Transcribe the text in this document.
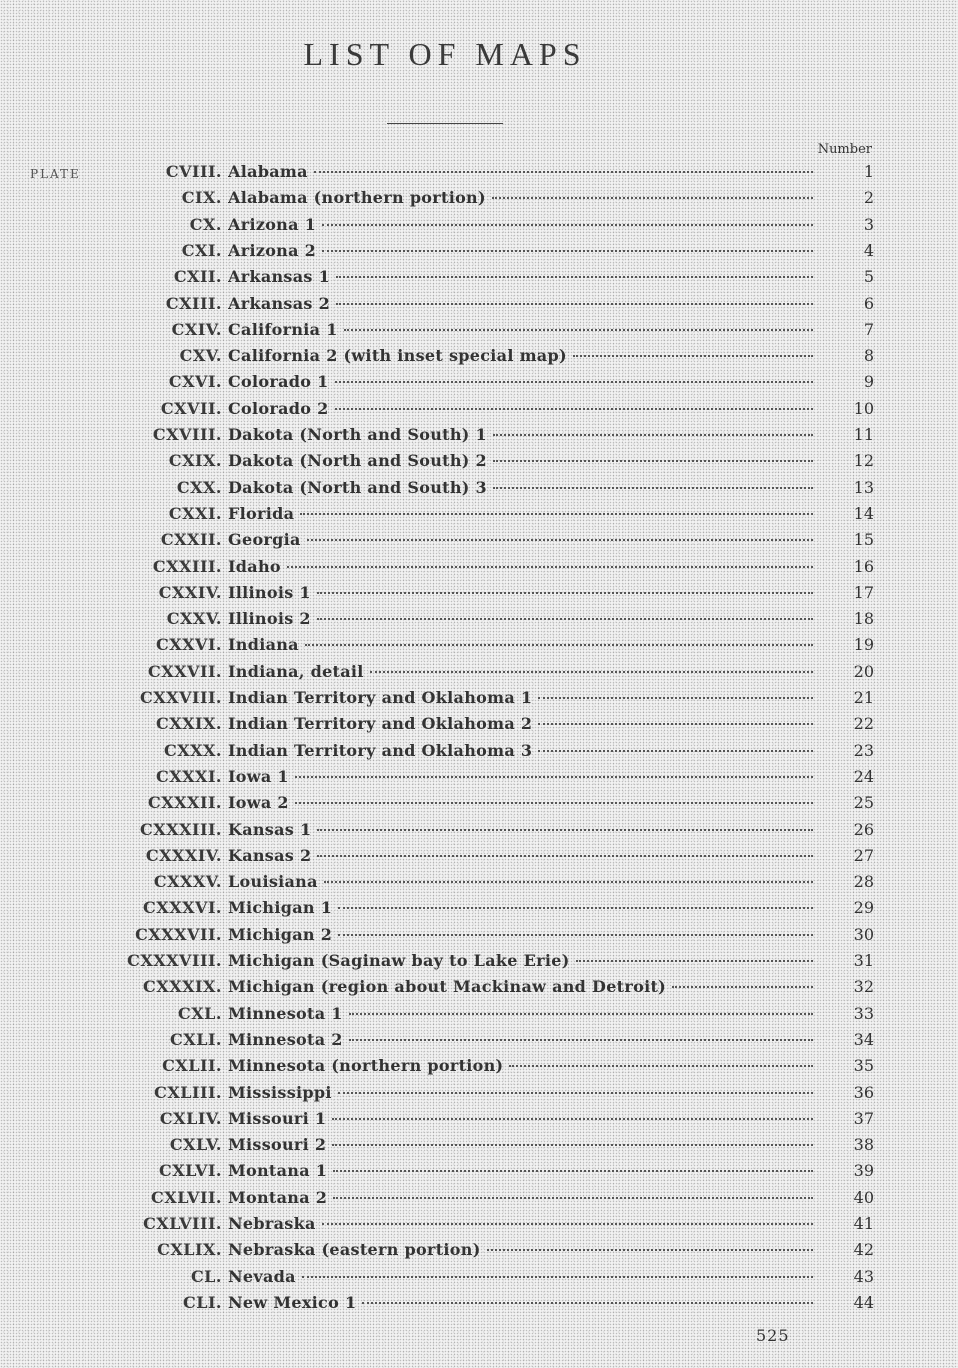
LIST OF MAPS
Number
PLATE	CVIII. Alabama	1
CIX. Alabama (northern portion)	2
CX. Arizona 1	3
CXI. Arizona 2	4
CXII. Arkansas 1	5
CXIII. Arkansas 2	6
CXIV. California 1	7
CXV. California 2 (with inset special map)	8
CXVI. Colorado 1	9
CXVII. Colorado 2	10
CXVIII. Dakota (North and South) 1	11
CXIX. Dakota (North and South) 2	12
CXX. Dakota (North and South) 3	13
CXXI. Florida	14
CXXII. Georgia	15
CXXIII. Idaho	16
CXXIV. Illinois 1	17
CXXV. Illinois 2	18
CXXVI. Indiana	19
CXXVII. Indiana, detail	20
CXXVIII. Indian Territory and Oklahoma 1	21
CXXIX. Indian Territory and Oklahoma 2	22
CXXX. Indian Territory and Oklahoma 3	23
CXXXI. Iowa 1	24
CXXXII. Iowa 2	25
CXXXIII. Kansas 1	26
CXXXIV. Kansas 2	27
CXXXV. Louisiana	28
CXXXVI. Michigan 1	29
CXXXVII. Michigan 2	30
CXXXVIII. Michigan (Saginaw bay to Lake Erie)	31
CXXXIX. Michigan (region about Mackinaw and Detroit)	32
CXL. Minnesota 1	33
CXLI. Minnesota 2	34
CXLII. Minnesota (northern portion)	35
CXLIII. Mississippi	36
CXLIV. Missouri 1	37
CXLV. Missouri 2	38
CXLVI. Montana 1	39
CXLVII. Montana 2	40
CXLVIII. Nebraska	41
CXLIX. Nebraska (eastern portion)	42
CL. Nevada	43
CLI. New Mexico 1	44
525
